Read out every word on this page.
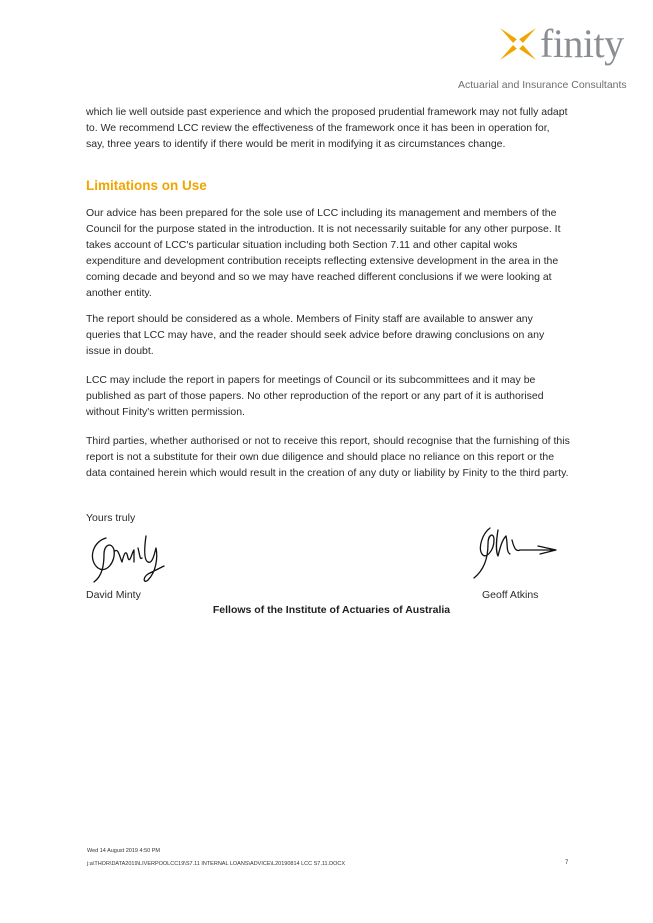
finity
Actuarial and Insurance Consultants

which lie well outside past experience and which the proposed prudential framework may not fully adapt to. We recommend LCC review the effectiveness of the framework once it has been in operation for, say, three years to identify if there would be merit in modifying it as circumstances change.

Limitations on Use

Our advice has been prepared for the sole use of LCC including its management and members of the Council for the purpose stated in the introduction. It is not necessarily suitable for any other purpose. It takes account of LCC's particular situation including both Section 7.11 and other capital woks expenditure and development contribution receipts reflecting extensive development in the area in the coming decade and beyond and so we may have reached different conclusions if we were looking at another entity.

The report should be considered as a whole. Members of Finity staff are available to answer any queries that LCC may have, and the reader should seek advice before drawing conclusions on any issue in doubt.

LCC may include the report in papers for meetings of Council or its subcommittees and it may be published as part of those papers. No other reproduction of the report or any part of it is authorised without Finity's written permission.

Third parties, whether authorised or not to receive this report, should recognise that the furnishing of this report is not a substitute for their own due diligence and should place no reliance on this report or the data contained herein which would result in the creation of any duty or liability by Finity to the third party.

Yours truly

David Minty	Geoff Atkins
Fellows of the Institute of Actuaries of Australia
Wed 14 August 2019 4:50 PM
j:a\THOR\DATA2019\LIVERPOOLCC19\S7.11 INTERNAL LOANS\ADVICE\L20190814 LCC S7.11.DOCX	7
